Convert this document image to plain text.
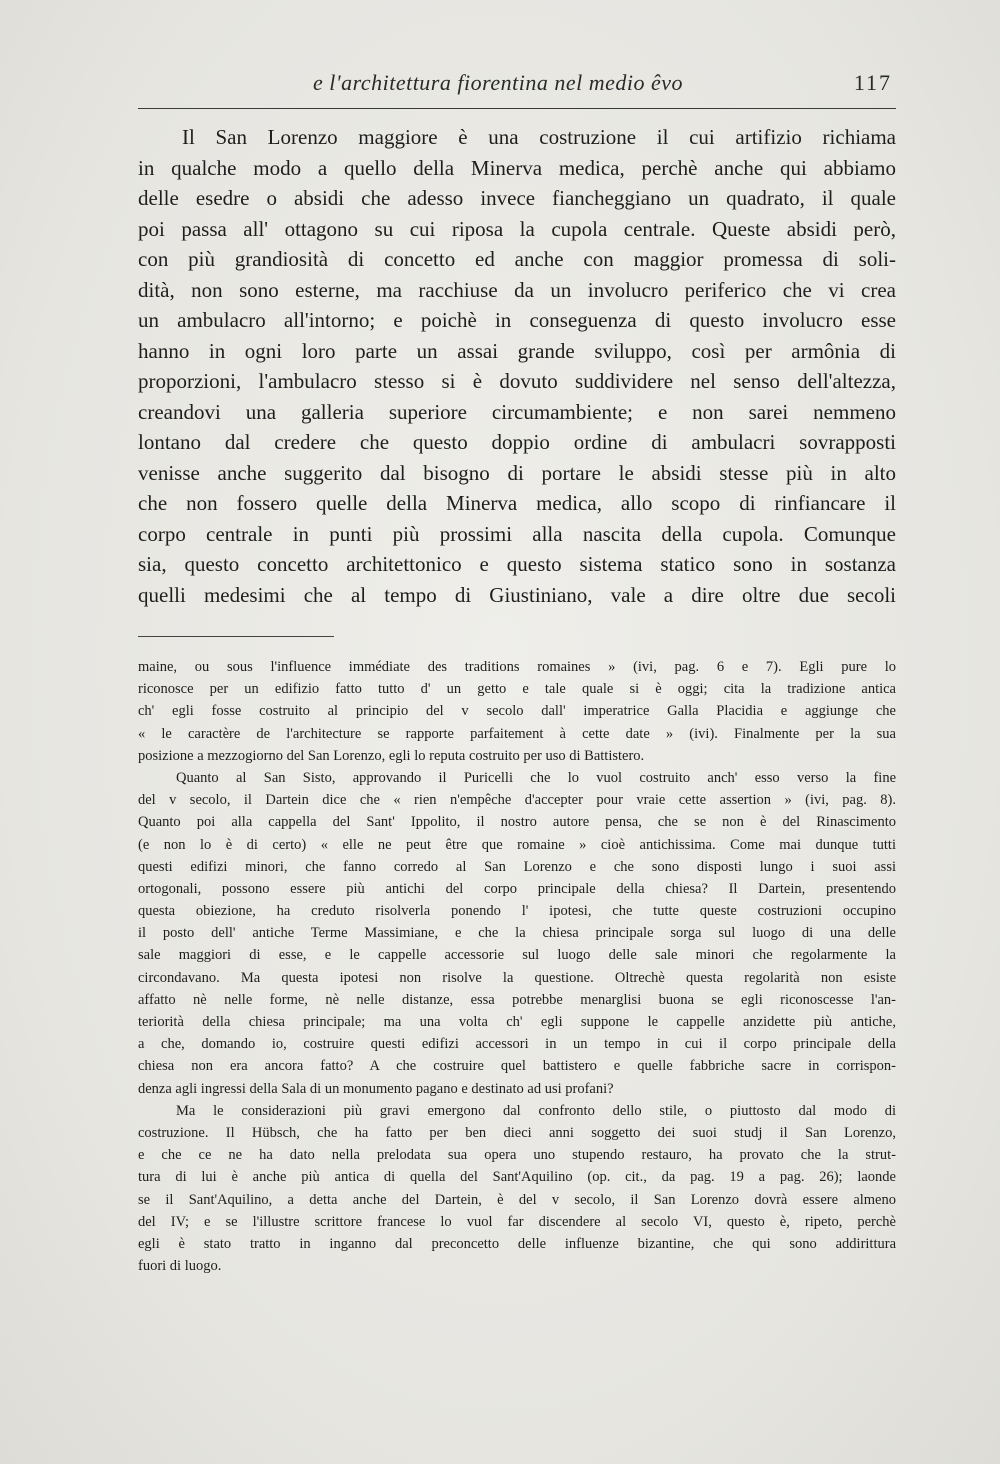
e l'architettura fiorentina nel medio êvo	117
Il San Lorenzo maggiore è una costruzione il cui artifizio richiama
in qualche modo a quello della Minerva medica, perchè anche qui abbiamo
delle esedre o absidi che adesso invece fiancheggiano un quadrato, il quale
poi passa all' ottagono su cui riposa la cupola centrale. Queste absidi però,
con più grandiosità di concetto ed anche con maggior promessa di soli-
dità, non sono esterne, ma racchiuse da un involucro periferico che vi crea
un ambulacro all'intorno; e poichè in conseguenza di questo involucro esse
hanno in ogni loro parte un assai grande sviluppo, così per armônia di
proporzioni, l'ambulacro stesso si è dovuto suddividere nel senso dell'altezza,
creandovi una galleria superiore circumambiente; e non sarei nemmeno
lontano dal credere che questo doppio ordine di ambulacri sovrapposti
venisse anche suggerito dal bisogno di portare le absidi stesse più in alto
che non fossero quelle della Minerva medica, allo scopo di rinfiancare il
corpo centrale in punti più prossimi alla nascita della cupola. Comunque
sia, questo concetto architettonico e questo sistema statico sono in sostanza
quelli medesimi che al tempo di Giustiniano, vale a dire oltre due secoli
maine, ou sous l'influence immédiate des traditions romaines » (ivi, pag. 6 e 7). Egli pure lo
riconosce per un edifizio fatto tutto d' un getto e tale quale si è oggi; cita la tradizione antica
ch' egli fosse costruito al principio del v secolo dall' imperatrice Galla Placidia e aggiunge che
« le caractère de l'architecture se rapporte parfaitement à cette date » (ivi). Finalmente per la sua
posizione a mezzogiorno del San Lorenzo, egli lo reputa costruito per uso di Battistero.
Quanto al San Sisto, approvando il Puricelli che lo vuol costruito anch' esso verso la fine
del v secolo, il Dartein dice che « rien n'empêche d'accepter pour vraie cette assertion » (ivi, pag. 8).
Quanto poi alla cappella del Sant' Ippolito, il nostro autore pensa, che se non è del Rinascimento
(e non lo è di certo) « elle ne peut être que romaine » cioè antichissima. Come mai dunque tutti
questi edifizi minori, che fanno corredo al San Lorenzo e che sono disposti lungo i suoi assi
ortogonali, possono essere più antichi del corpo principale della chiesa? Il Dartein, presentendo
questa obiezione, ha creduto risolverla ponendo l' ipotesi, che tutte queste costruzioni occupino
il posto dell' antiche Terme Massimiane, e che la chiesa principale sorga sul luogo di una delle
sale maggiori di esse, e le cappelle accessorie sul luogo delle sale minori che regolarmente la
circondavano. Ma questa ipotesi non risolve la questione. Oltrechè questa regolarità non esiste
affatto nè nelle forme, nè nelle distanze, essa potrebbe menarglisi buona se egli riconoscesse l'an-
teriorità della chiesa principale; ma una volta ch' egli suppone le cappelle anzidette più antiche,
a che, domando io, costruire questi edifizi accessori in un tempo in cui il corpo principale della
chiesa non era ancora fatto? A che costruire quel battistero e quelle fabbriche sacre in corrispon-
denza agli ingressi della Sala di un monumento pagano e destinato ad usi profani?
Ma le considerazioni più gravi emergono dal confronto dello stile, o piuttosto dal modo di
costruzione. Il Hübsch, che ha fatto per ben dieci anni soggetto dei suoi studj il San Lorenzo,
e che ce ne ha dato nella prelodata sua opera uno stupendo restauro, ha provato che la strut-
tura di lui è anche più antica di quella del Sant'Aquilino (op. cit., da pag. 19 a pag. 26); laonde
se il Sant'Aquilino, a detta anche del Dartein, è del v secolo, il San Lorenzo dovrà essere almeno
del IV; e se l'illustre scrittore francese lo vuol far discendere al secolo VI, questo è, ripeto, perchè
egli è stato tratto in inganno dal preconcetto delle influenze bizantine, che qui sono addirittura
fuori di luogo.
